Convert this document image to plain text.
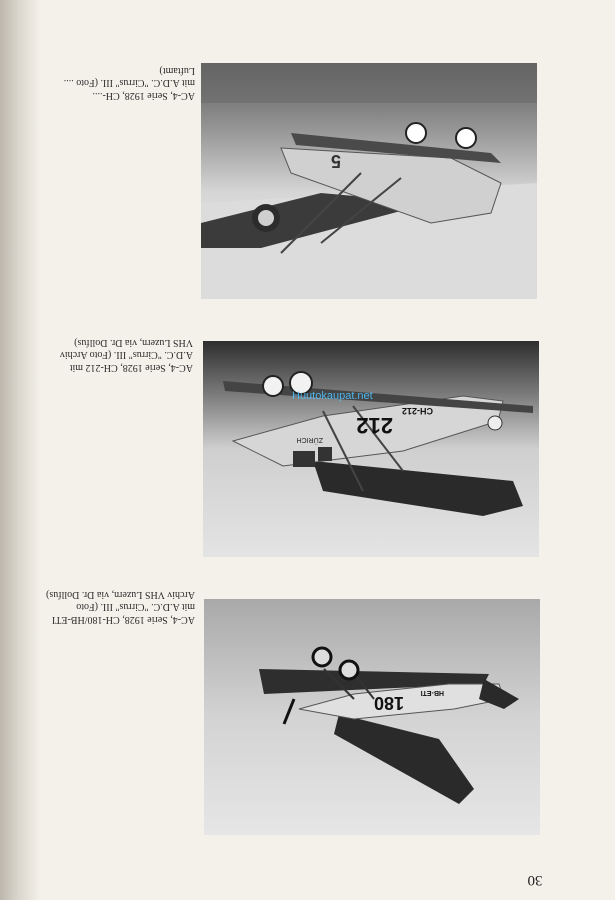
5
AC-4, Serie 1928, CH-....
mit A.D.C. "Cirrus" III. (Foto ....
Luftamt)
212
CH-212
ZÜRICH
AC-4, Serie 1928, CH-212 mit
A.D.C. "Cirrus" III. (Foto Archiv
VHS Luzern, via Dr. Dollfus)
Huutokaupat.net
180
HB-ETI
AC-4, Serie 1928, CH-180/HB-ETI
mit A.D.C. "Cirrus" III. (Foto
Archiv VHS Luzern, via Dr. Dollfus)
30
